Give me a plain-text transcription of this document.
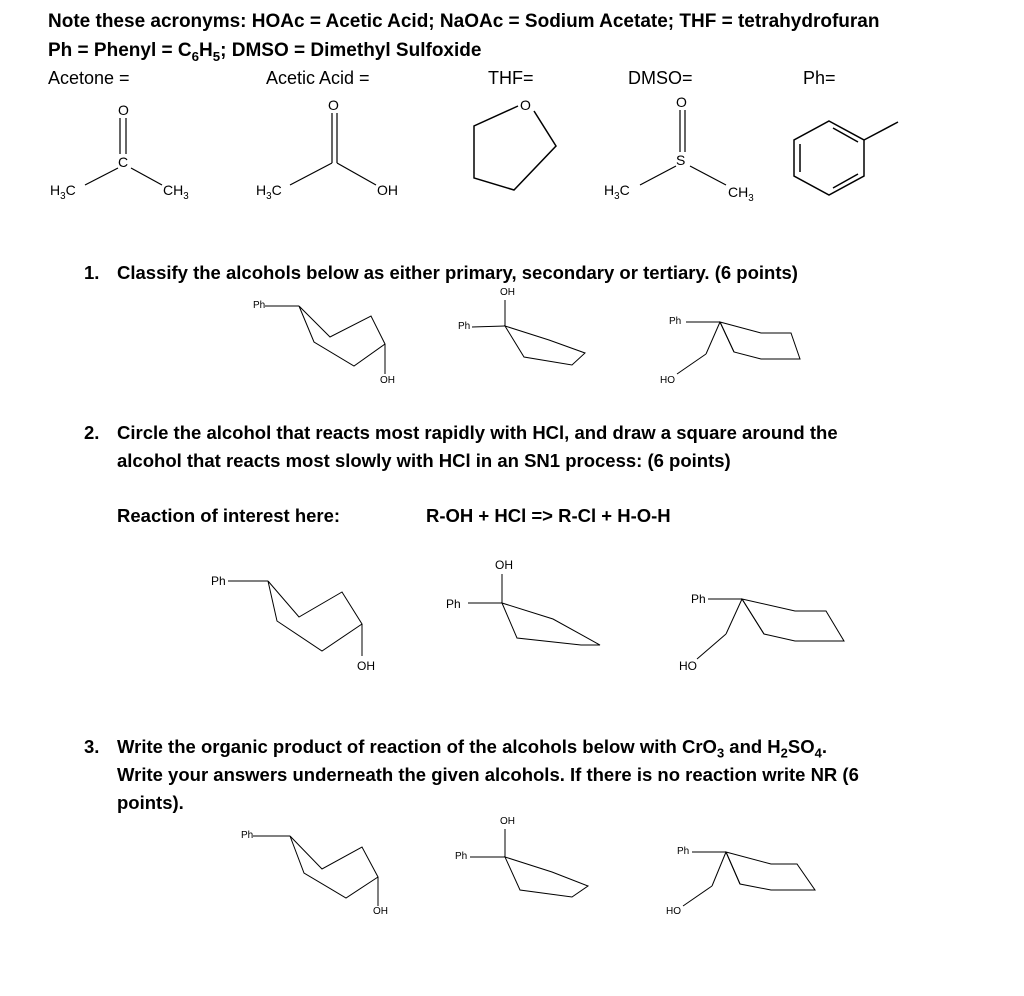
Note these acronyms: HOAc = Acetic Acid; NaOAc = Sodium Acetate; THF = tetrahydrofuran
Ph = Phenyl = $C_6H_5$; DMSO = Dimethyl Sulfoxide
Acetone =	Acetic Acid =	THF=	DMSO=	Ph=
O
C
$H_3C$	$CH_3$
O
$H_3C$	OH
O	O
S
$H_3C$	$CH_3$
1. Classify the alcohols below as either primary, secondary or tertiary. (6 points)
2. Circle the alcohol that reacts most rapidly with HCl, and draw a square around the
alcohol that reacts most slowly with HCl in an SN1 process: (6 points)
Reaction of interest here:	R-OH + HCl => R-Cl + H-O-H
3. Write the organic product of reaction of the alcohols below with CrO$_3$ and $H_2SO_4$.
Write your answers underneath the given alcohols. If there is no reaction write NR (6
points).
Ph
OH
OH
Ph	Ph
HO
Ph
OH
OH
Ph	Ph
HO
Ph
OH
OH
Ph	Ph
HO
